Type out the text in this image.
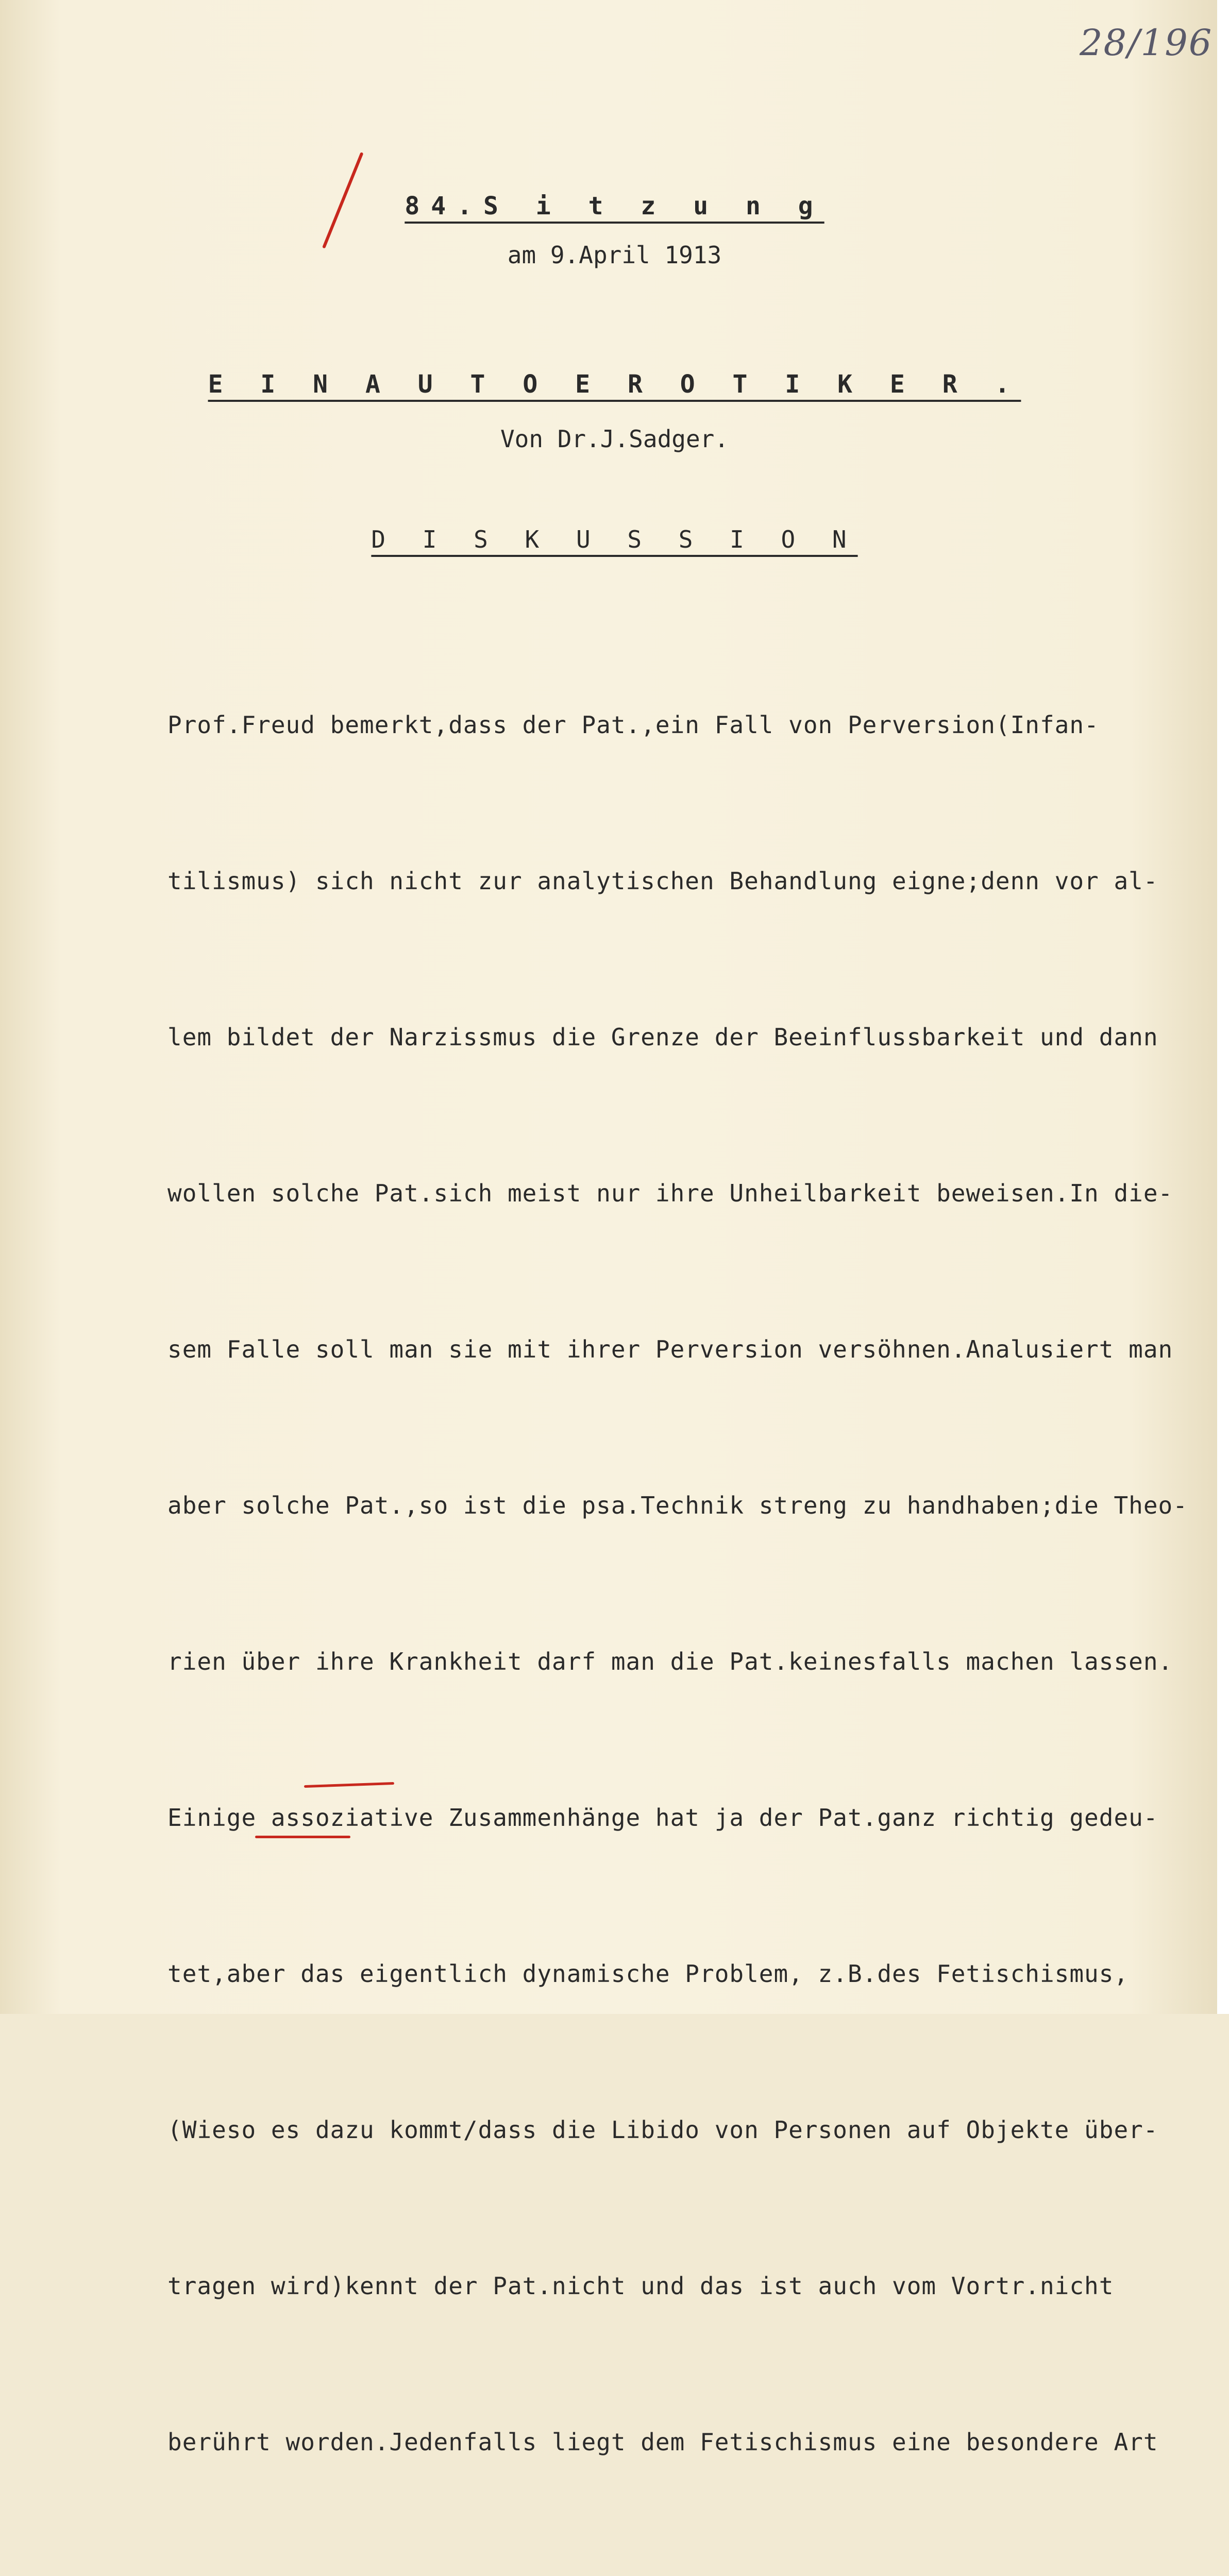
28/196
84.S i t z u n g
am 9.April 1913
E I N A U T O E R O T I K E R .
Von Dr.J.Sadger.
D I S K U S S I O N

Prof.Freud bemerkt,dass der Pat.,ein Fall von Perversion(Infan-

tilismus) sich nicht zur analytischen Behandlung eigne;denn vor al-

lem bildet der Narzissmus die Grenze der Beeinflussbarkeit und dann

wollen solche Pat.sich meist nur ihre Unheilbarkeit beweisen.In die-

sem Falle soll man sie mit ihrer Perversion versöhnen.Analusiert man

aber solche Pat.,so ist die psa.Technik streng zu handhaben;die Theo-

rien über ihre Krankheit darf man die Pat.keinesfalls machen lassen.

Einige assoziative Zusammenhänge hat ja der Pat.ganz richtig gedeu-

tet,aber das eigentlich dynamische Problem, z.B.des Fetischismus,

(Wieso es dazu kommt/dass die Libido von Personen auf Objekte über-

tragen wird)kennt der Pat.nicht und das ist auch vom Vortr.nicht

berührt worden.Jedenfalls liegt dem Fetischismus eine besondere Art
